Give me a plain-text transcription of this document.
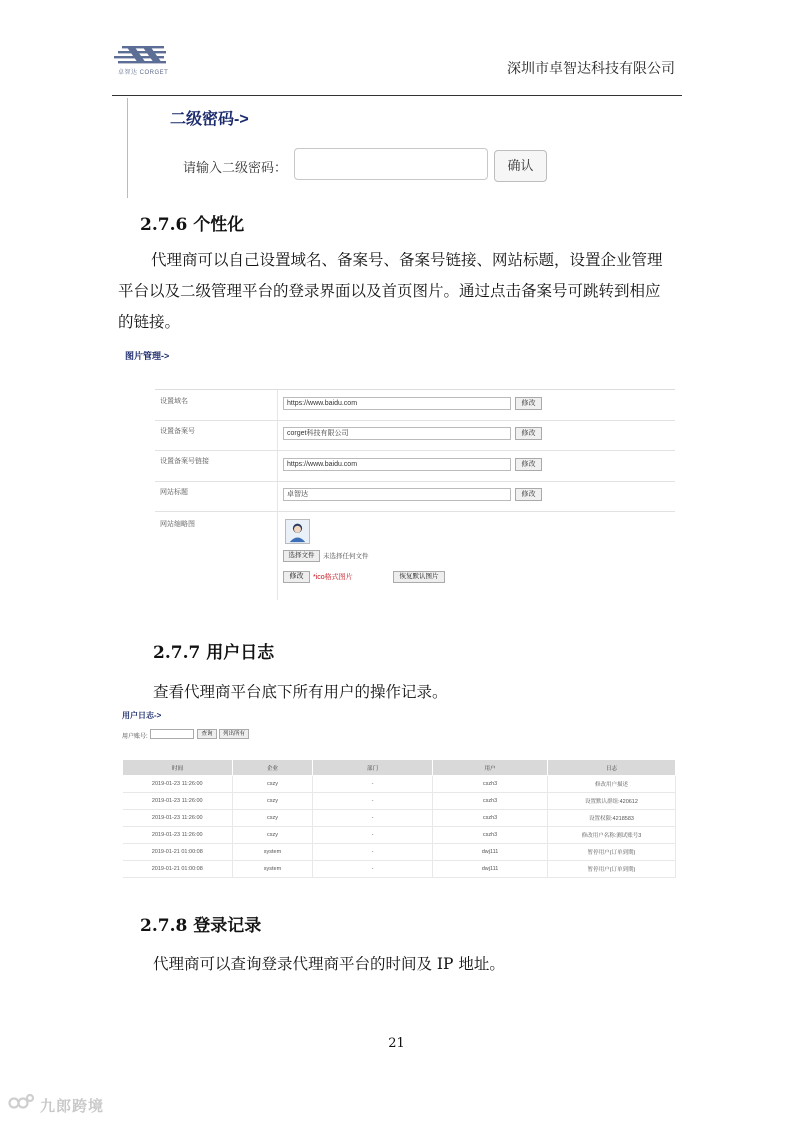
卓智达 CORGET	深圳市卓智达科技有限公司
二级密码->
请输入二级密码：	确认
2.7.6 个性化
代理商可以自己设置域名、备案号、备案号链接、网站标题，设置企业管理
平台以及二级管理平台的登录界面以及首页图片。通过点击备案号可跳转到相应
的链接。
图片管理->
设置域名	https://www.baidu.com	修改
设置备案号	corget科技有限公司	修改
设置备案号链接	https://www.baidu.com	修改
网站标题	卓智达	修改
网站缩略图
选择文件	未选择任何文件
修改	*ico格式图片	恢复默认图片
2.7.7 用户日志
查看代理商平台底下所有用户的操作记录。
用户日志->
用户账号:	查询	列出所有
时间	企业	部门	用户	日志
2019-01-23 11:26:00	cszy	-	cszh3	修改用户描述
2019-01-23 11:26:00	cszy	-	cszh3	设置默认群组:420612
2019-01-23 11:26:00	cszy	-	cszh3	设置权限:4218583
2019-01-23 11:26:00	cszy	-	cszh3	修改用户名称:测试账号3
2019-01-21 01:00:08	system	-	dwj111	暂停用户(订单到期)
2019-01-21 01:00:08	system	-	dwj111	暂停用户(订单到期)
2.7.8 登录记录
代理商可以查询登录代理商平台的时间及 IP 地址。
21
九郎跨境
